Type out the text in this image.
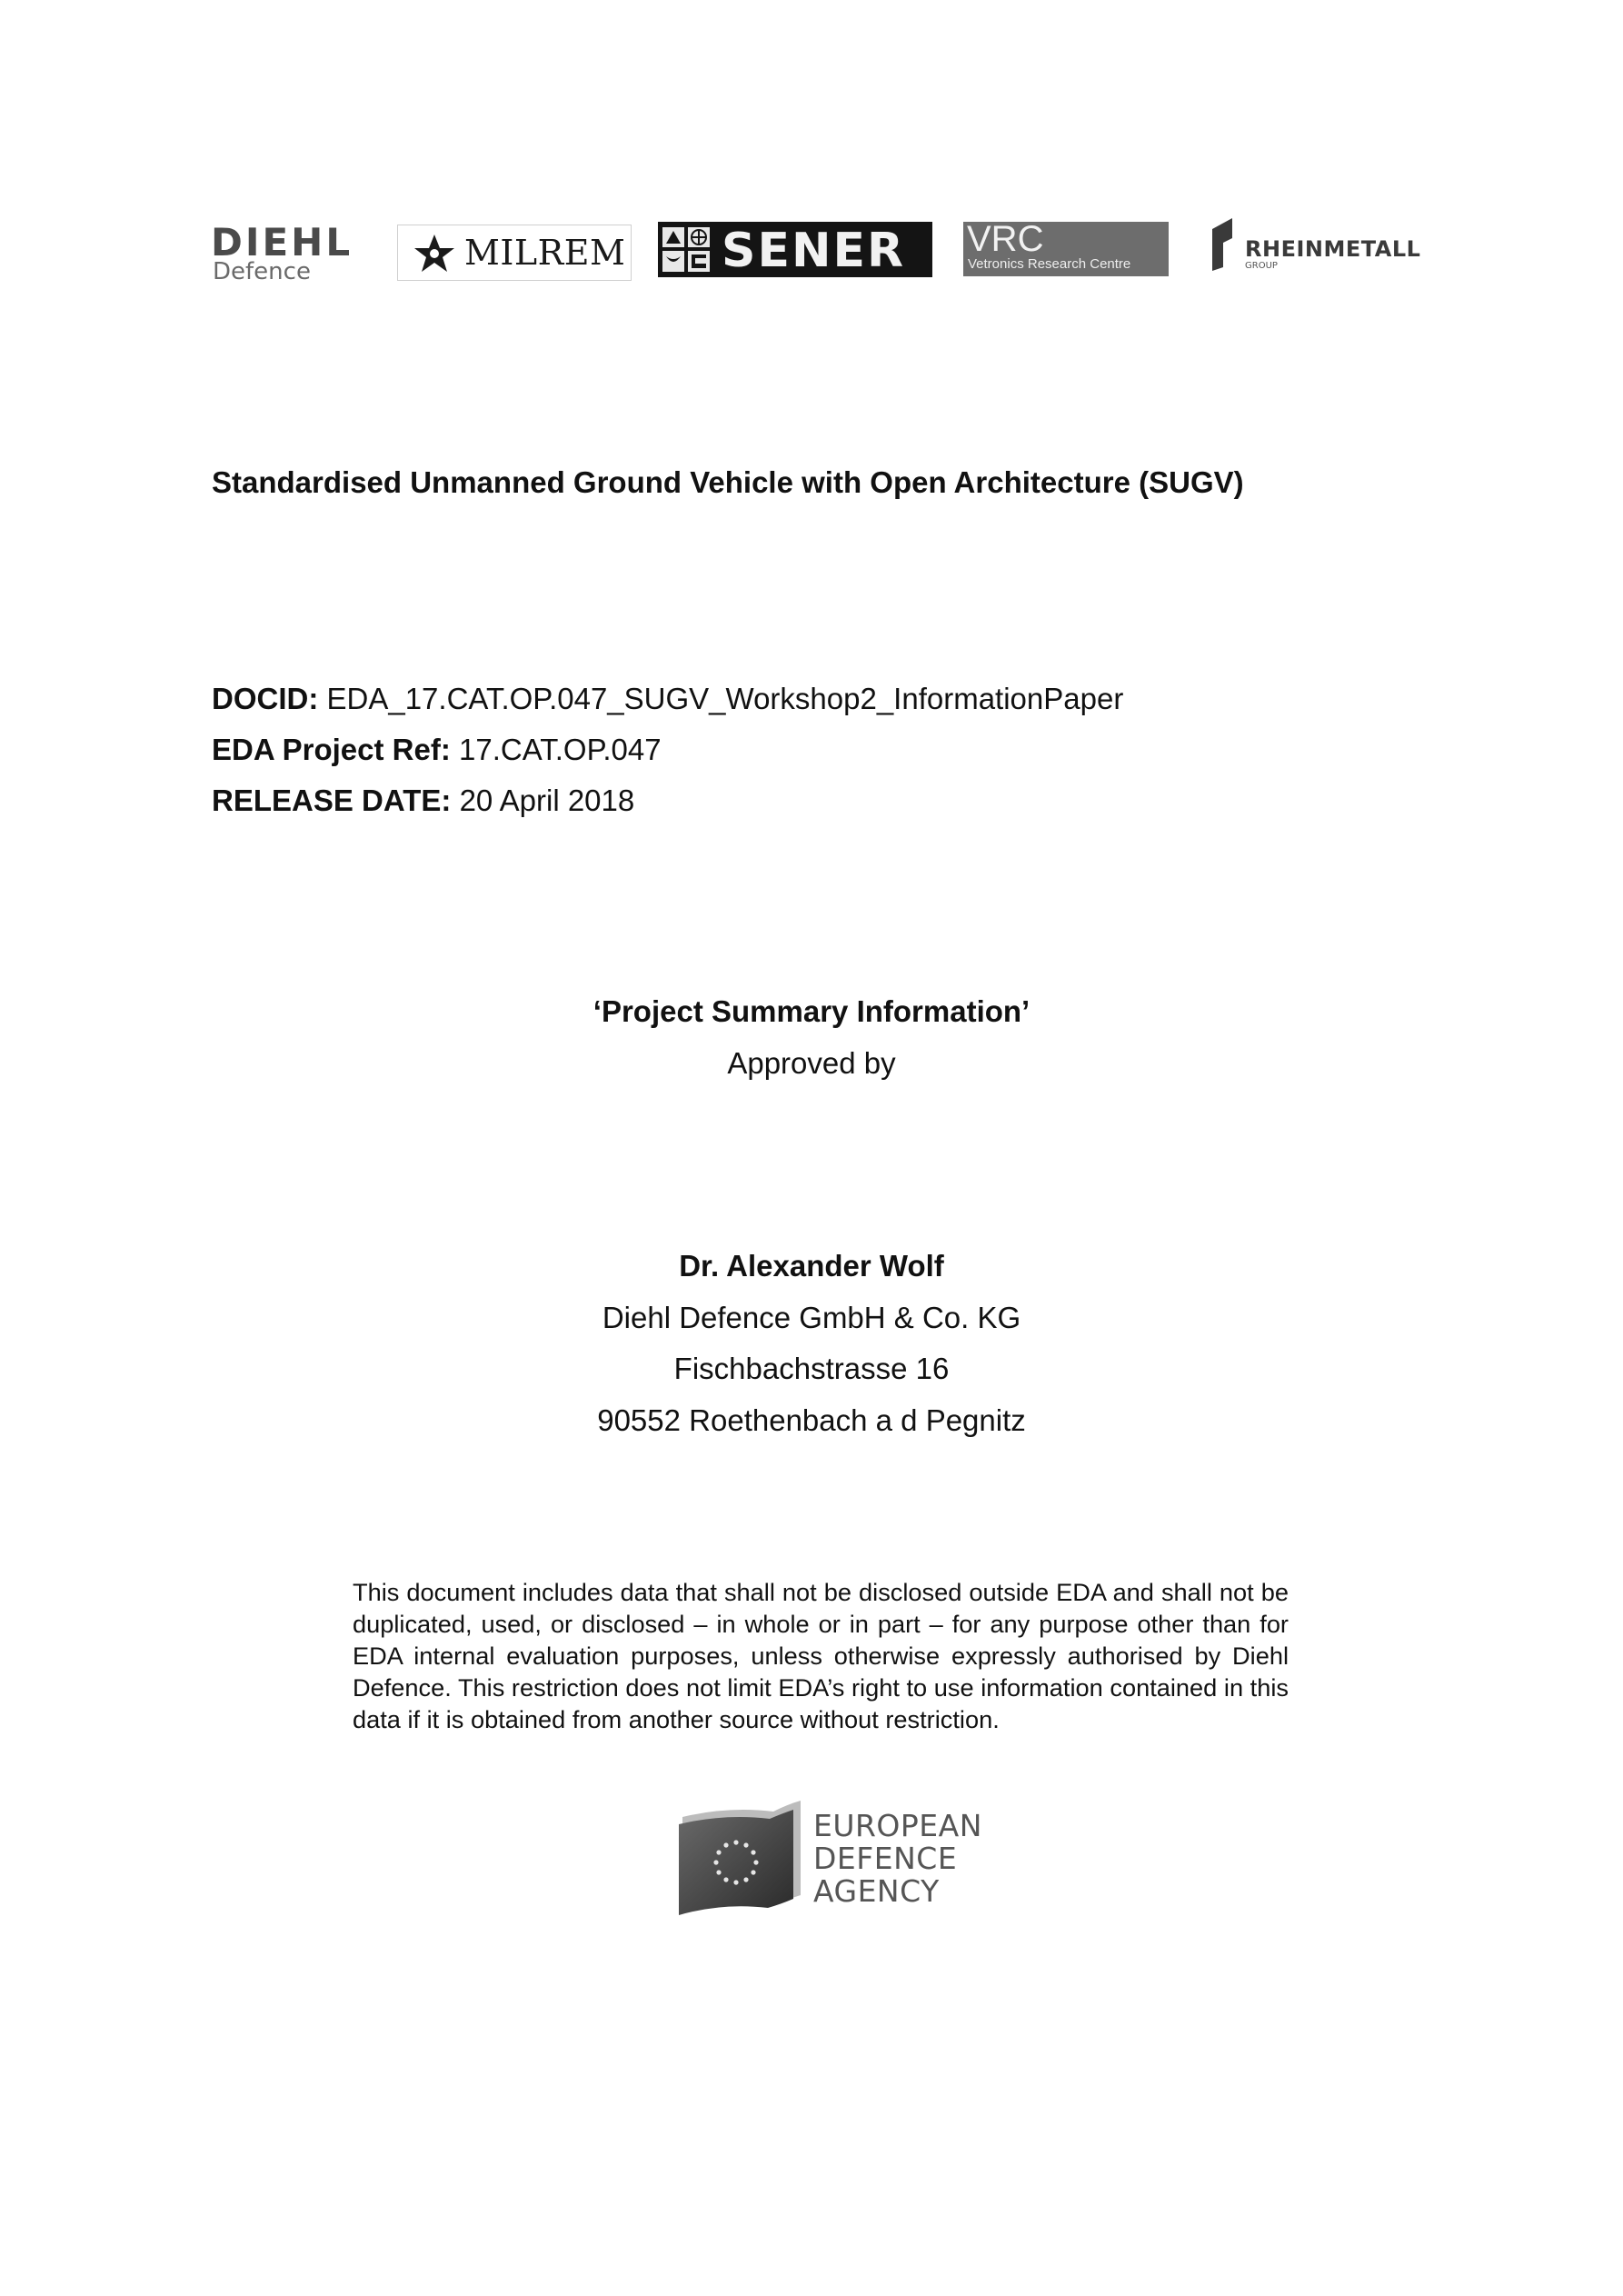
DIEHL
Defence	MILREM SENER VRC
Vetronics Research Centre
RHEINMETALL
GROUP
Standardised Unmanned Ground Vehicle with Open Architecture (SUGV)
DOCID: EDA_17.CAT.OP.047_SUGV_Workshop2_InformationPaper
EDA Project Ref: 17.CAT.OP.047
RELEASE DATE: 20 April 2018
‘Project Summary Information’
Approved by
Dr. Alexander Wolf
Diehl Defence GmbH & Co. KG
Fischbachstrasse 16
90552 Roethenbach a d Pegnitz
This document includes data that shall not be disclosed outside EDA and shall not be duplicated, used, or disclosed – in whole or in part – for any purpose other than for EDA internal evaluation purposes, unless otherwise expressly authorised by Diehl Defence. This restriction does not limit EDA’s right to use information contained in this data if it is obtained from another source without restriction.
EUROPEAN
DEFENCE
AGENCY
